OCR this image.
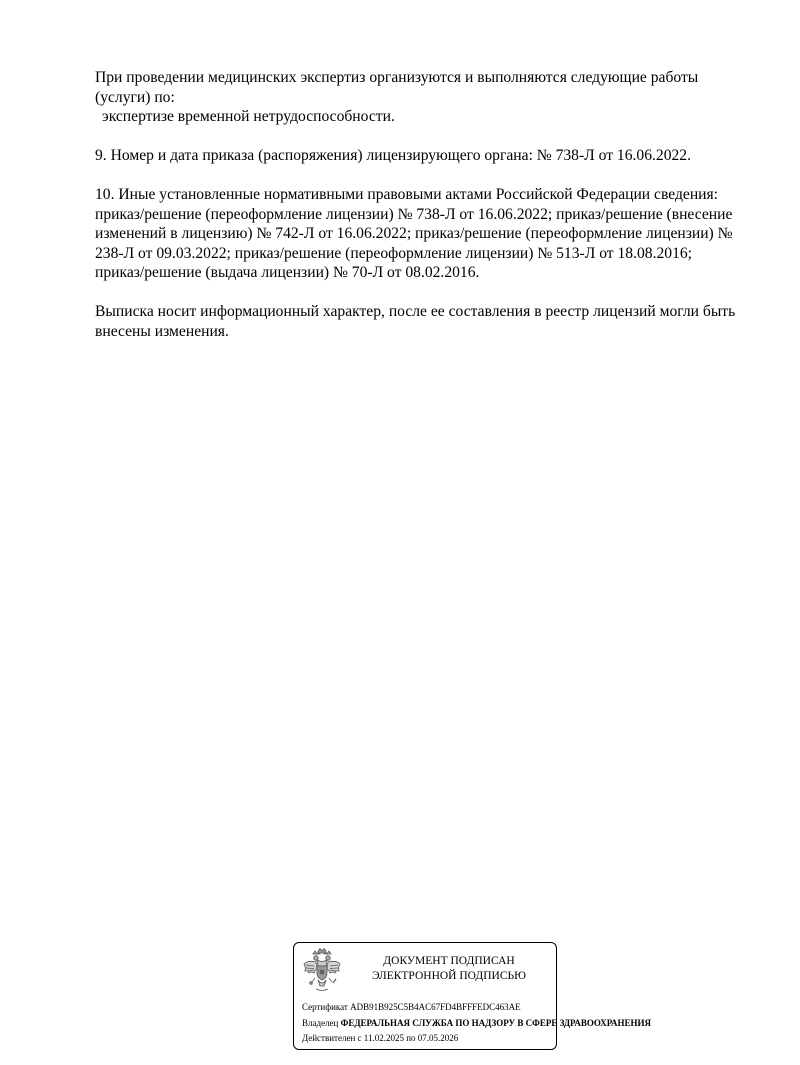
При проведении медицинских экспертиз организуются и выполняются следующие работы
(услуги) по:
экспертизе временной нетрудоспособности.
9. Номер и дата приказа (распоряжения) лицензирующего органа: № 738-Л от 16.06.2022.
10. Иные установленные нормативными правовыми актами Российской Федерации сведения:
приказ/решение (переоформление лицензии) № 738-Л от 16.06.2022; приказ/решение (внесение
изменений в лицензию) № 742-Л от 16.06.2022; приказ/решение (переоформление лицензии) №
238-Л от 09.03.2022; приказ/решение (переоформление лицензии) № 513-Л от 18.08.2016;
приказ/решение (выдача лицензии) № 70-Л от 08.02.2016.
Выписка носит информационный характер, после ее составления в реестр лицензий могли быть
внесены изменения.
ДОКУМЕНТ ПОДПИСАН
ЭЛЕКТРОННОЙ ПОДПИСЬЮ
Сертификат ADB91B925C5B4AC67FD4BFFFEDC463AE
Владелец ФЕДЕРАЛЬНАЯ СЛУЖБА ПО НАДЗОРУ В СФЕРЕ ЗДРАВООХРАНЕНИЯ
Действителен с 11.02.2025 по 07.05.2026
